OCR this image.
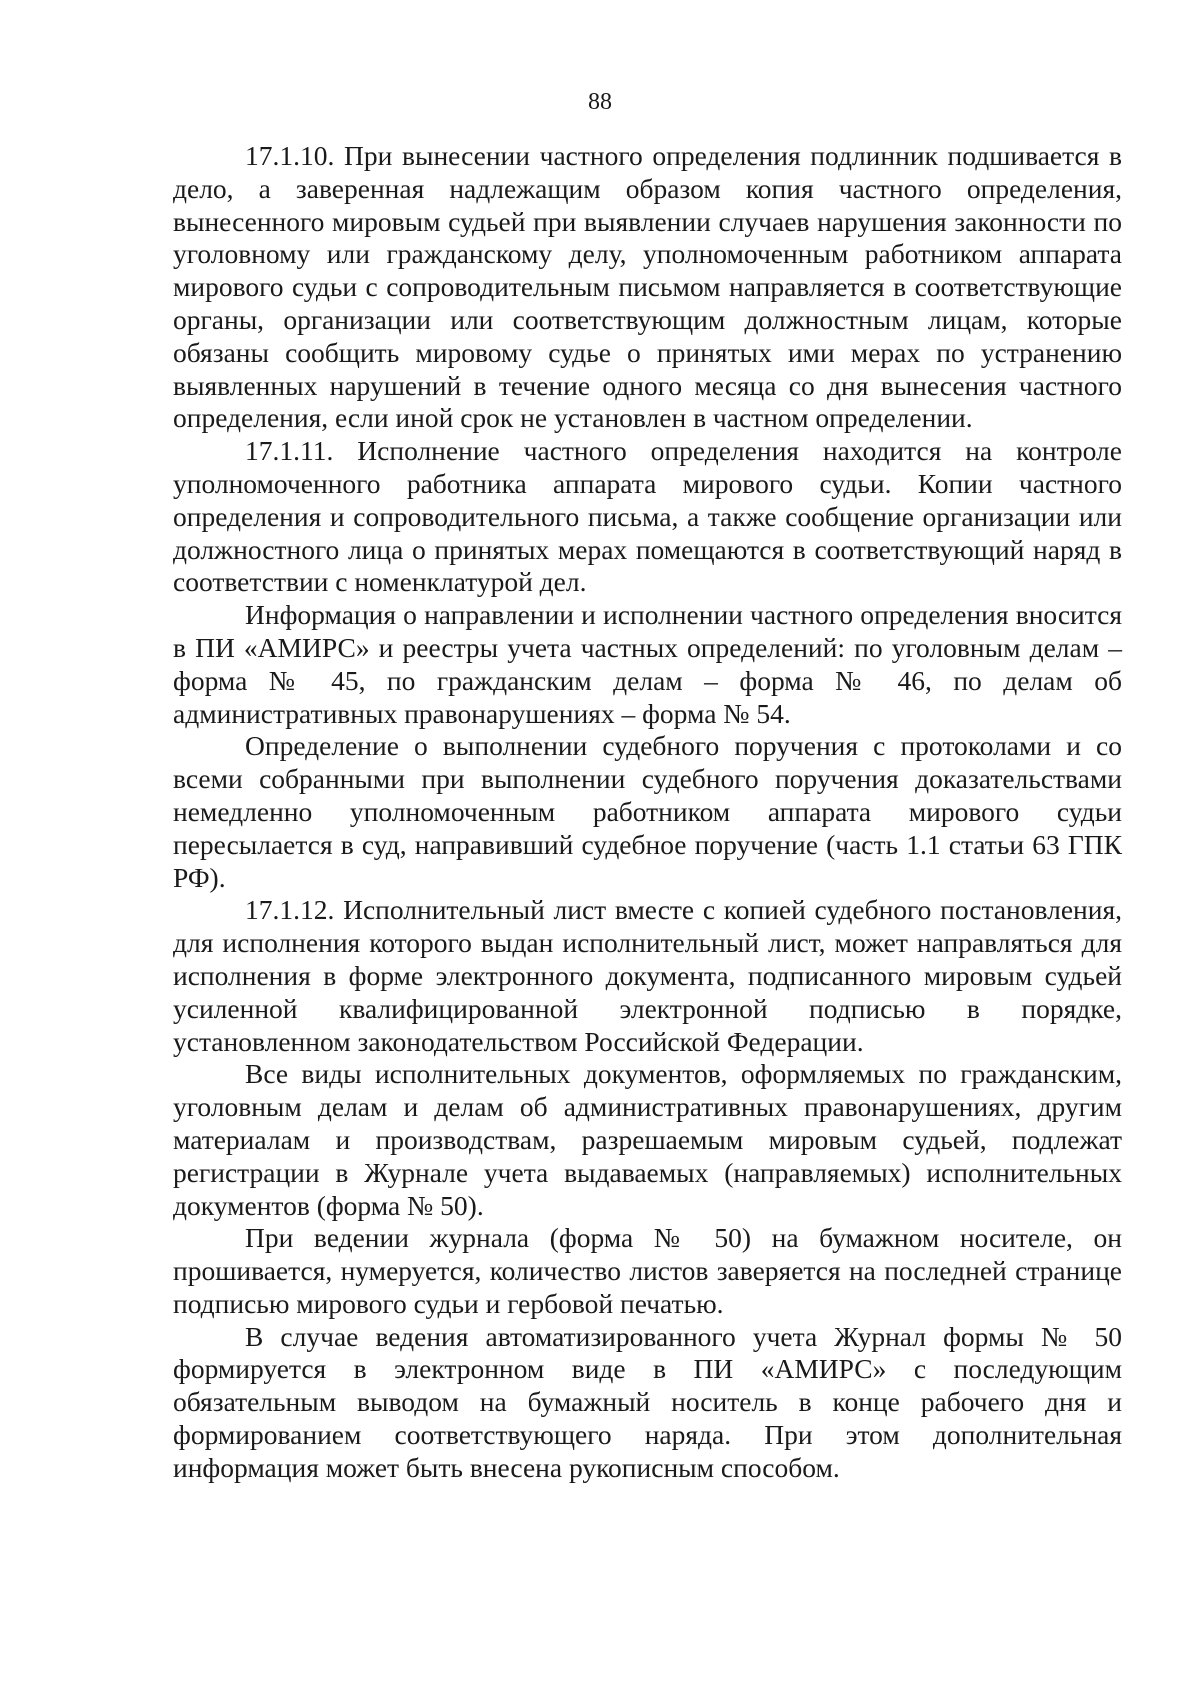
88

17.1.10. При вынесении частного определения подлинник подшивается в дело, а заверенная надлежащим образом копия частного определения, вынесенного мировым судьей при выявлении случаев нарушения законности по уголовному или гражданскому делу, уполномоченным работником аппарата мирового судьи с сопроводительным письмом направляется в соответствующие органы, организации или соответствующим должностным лицам, которые обязаны сообщить мировому судье о принятых ими мерах по устранению выявленных нарушений в течение одного месяца со дня вынесения частного определения, если иной срок не установлен в частном определении.

17.1.11. Исполнение частного определения находится на контроле уполномоченного работника аппарата мирового судьи. Копии частного определения и сопроводительного письма, а также сообщение организации или должностного лица о принятых мерах помещаются в соответствующий наряд в соответствии с номенклатурой дел.

Информация о направлении и исполнении частного определения вносится в ПИ «АМИРС» и реестры учета частных определений: по уголовным делам – форма № 45, по гражданским делам – форма № 46, по делам об административных правонарушениях – форма № 54.

Определение о выполнении судебного поручения с протоколами и со всеми собранными при выполнении судебного поручения доказательствами немедленно уполномоченным работником аппарата мирового судьи пересылается в суд, направивший судебное поручение (часть 1.1 статьи 63 ГПК РФ).

17.1.12. Исполнительный лист вместе с копией судебного постановления, для исполнения которого выдан исполнительный лист, может направляться для исполнения в форме электронного документа, подписанного мировым судьей усиленной квалифицированной электронной подписью в порядке, установленном законодательством Российской Федерации.

Все виды исполнительных документов, оформляемых по гражданским, уголовным делам и делам об административных правонарушениях, другим материалам и производствам, разрешаемым мировым судьей, подлежат регистрации в Журнале учета выдаваемых (направляемых) исполнительных документов (форма № 50).

При ведении журнала (форма № 50) на бумажном носителе, он прошивается, нумеруется, количество листов заверяется на последней странице подписью мирового судьи и гербовой печатью.

В случае ведения автоматизированного учета Журнал формы № 50 формируется в электронном виде в ПИ «АМИРС» с последующим обязательным выводом на бумажный носитель в конце рабочего дня и формированием соответствующего наряда. При этом дополнительная информация может быть внесена рукописным способом.
